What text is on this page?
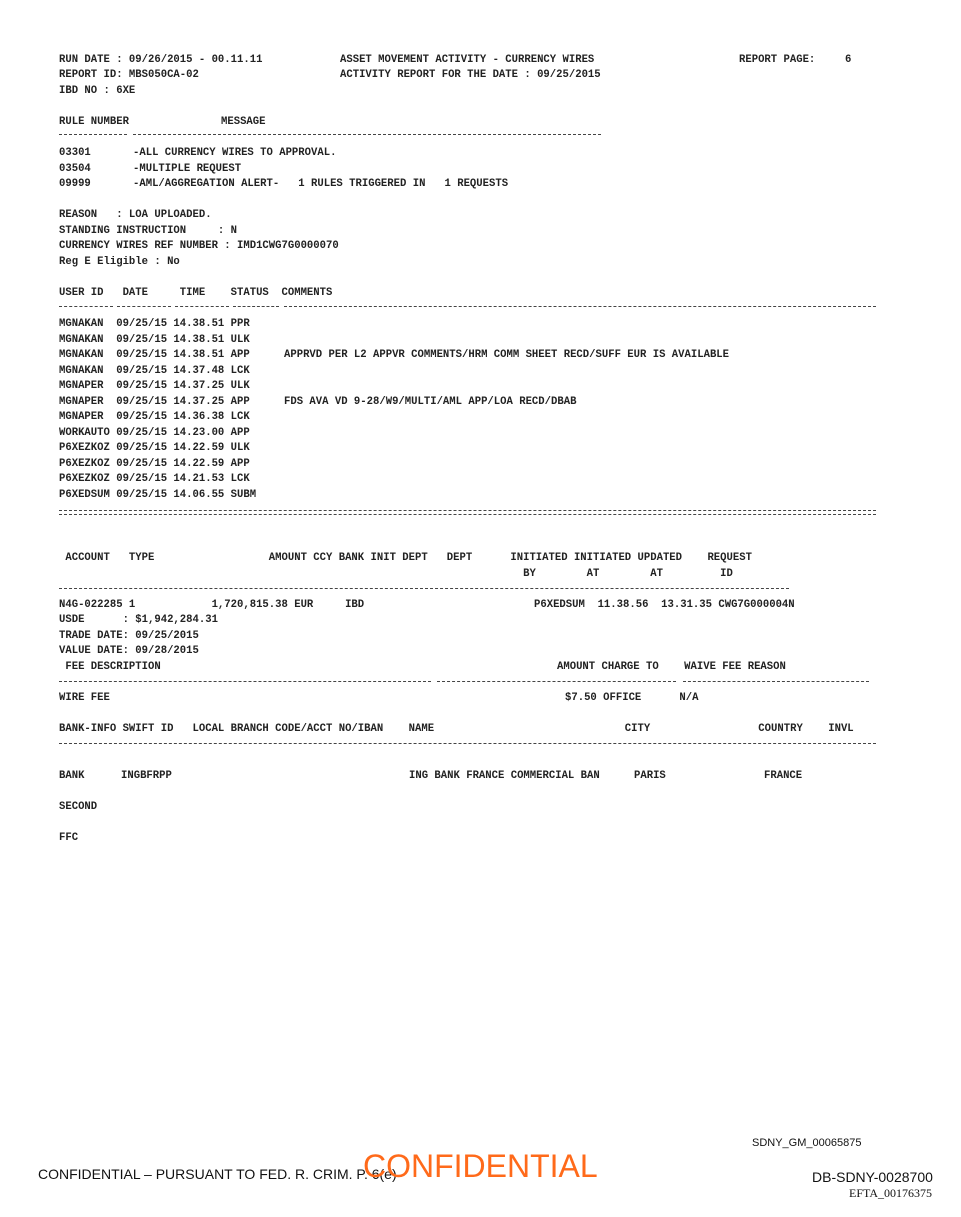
RUN DATE : 09/26/2015 - 00.11.11	ASSET MOVEMENT ACTIVITY - CURRENCY WIRES	REPORT PAGE:	6
REPORT ID: MBS050CA-02	ACTIVITY REPORT FOR THE DATE : 09/25/2015
IBD NO : 6XE
RULE NUMBER	MESSAGE
03301	-ALL CURRENCY WIRES TO APPROVAL.
03504	-MULTIPLE REQUEST
09999	-AML/AGGREGATION ALERT-   1 RULES TRIGGERED IN   1 REQUESTS
REASON   : LOA UPLOADED.
STANDING INSTRUCTION     : N
CURRENCY WIRES REF NUMBER : IMD1CWG7G0000070
Reg E Eligible : No
USER ID   DATE     TIME    STATUS  COMMENTS
MGNAKAN  09/25/15 14.38.51 PPR
MGNAKAN  09/25/15 14.38.51 ULK
MGNAKAN  09/25/15 14.38.51 APP	APPRVD PER L2 APPVR COMMENTS/HRM COMM SHEET RECD/SUFF EUR IS AVAILABLE
MGNAKAN  09/25/15 14.37.48 LCK
MGNAPER  09/25/15 14.37.25 ULK
MGNAPER  09/25/15 14.37.25 APP	FDS AVA VD 9-28/W9/MULTI/AML APP/LOA RECD/DBAB
MGNAPER  09/25/15 14.36.38 LCK
WORKAUTO 09/25/15 14.23.00 APP
P6XEZKOZ 09/25/15 14.22.59 ULK
P6XEZKOZ 09/25/15 14.22.59 APP
P6XEZKOZ 09/25/15 14.21.53 LCK
P6XEDSUM 09/25/15 14.06.55 SUBM
ACCOUNT   TYPE                  AMOUNT CCY BANK INIT DEPT   DEPT      INITIATED INITIATED UPDATED    REQUEST
BY        AT        AT         ID
N4G-022285 1            1,720,815.38 EUR     IBD	P6XEDSUM  11.38.56  13.31.35 CWG7G000004N
USDE      : $1,942,284.31
TRADE DATE: 09/25/2015
VALUE DATE: 09/28/2015
FEE DESCRIPTION	AMOUNT CHARGE TO    WAIVE FEE REASON
WIRE FEE	$7.50 OFFICE      N/A
BANK-INFO SWIFT ID   LOCAL BRANCH CODE/ACCT NO/IBAN    NAME                              CITY                 COUNTRY    INVL
BANK	INGBFRPP	ING BANK FRANCE COMMERCIAL BAN	PARIS	FRANCE
SECOND
FFC
SDNY_GM_00065875
CONFIDENTIAL – PURSUANT TO FED. R. CRIM. P. 6(e)
CONFIDENTIAL	DB-SDNY-0028700
EFTA_00176375
